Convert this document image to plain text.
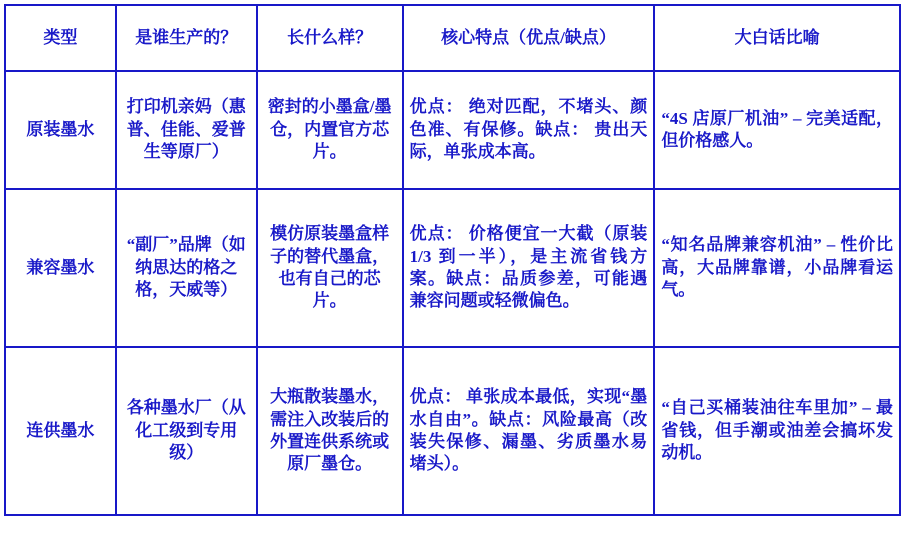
类型	是谁生产的？	长什么样？	核心特点（优点/缺点）	大白话比喻
原装墨水	打印机亲妈（惠普、佳能、爱普生等原厂）	密封的小墨盒/墨仓，内置官方芯片。	优点： 绝对匹配，不堵头、颜色准、有保修。缺点： 贵出天际，单张成本高。	“4S 店原厂机油” – 完美适配，但价格感人。
兼容墨水	“副厂”品牌（如纳思达的格之格，天威等）	模仿原装墨盒样子的替代墨盒，也有自己的芯片。	优点： 价格便宜一大截（原装 1/3 到一半），是主流省钱方案。缺点：品质参差，可能遇兼容问题或轻微偏色。	“知名品牌兼容机油” – 性价比高，大品牌靠谱，小品牌看运气。
连供墨水	各种墨水厂（从化工级到专用级）	大瓶散装墨水，需注入改装后的外置连供系统或原厂墨仓。	优点： 单张成本最低，实现“墨水自由”。缺点：风险最高（改装失保修、漏墨、劣质墨水易堵头）。	“自己买桶装油往车里加” – 最省钱，但手潮或油差会搞坏发动机。
